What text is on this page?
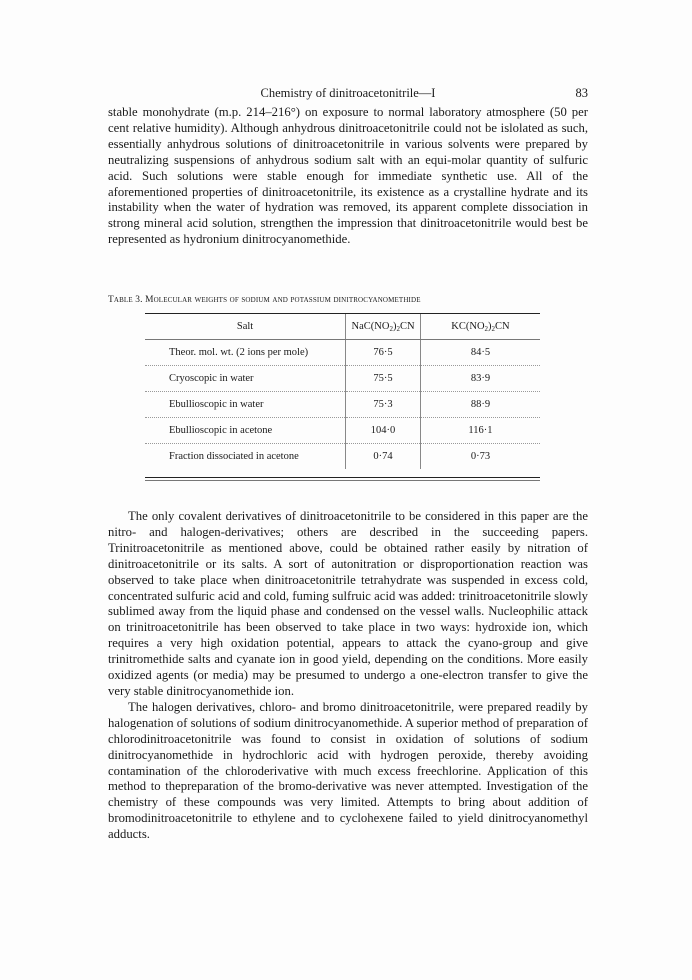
Chemistry of dinitroacetonitrile—I	83

stable monohydrate (m.p. 214–216°) on exposure to normal laboratory atmosphere (50 per cent relative humidity). Although anhydrous dinitroacetonitrile could not be islolated as such, essentially anhydrous solutions of dinitroacetonitrile in various solvents were prepared by neutralizing suspensions of anhydrous sodium salt with an equi-molar quantity of sulfuric acid. Such solutions were stable enough for immediate synthetic use. All of the aforementioned properties of dinitroacetonitrile, its existence as a crystalline hydrate and its instability when the water of hydration was removed, its apparent complete dissociation in strong mineral acid solution, strengthen the impression that dinitroacetonitrile would best be represented as hydronium dinitrocyanomethide.

Table 3. Molecular weights of sodium and potassium dinitrocyanomethide
Salt	$NaC(NO_2)_2CN$	$KC(NO_2)_2CN$
Theor. mol. wt. (2 ions per mole)	76·5	84·5
Cryoscopic in water	75·5	83·9
Ebullioscopic in water	75·3	88·9
Ebullioscopic in acetone	104·0	116·1
Fraction dissociated in acetone	0·74	0·73

The only covalent derivatives of dinitroacetonitrile to be considered in this paper are the nitro- and halogen-derivatives; others are described in the succeeding papers. Trinitroacetonitrile as mentioned above, could be obtained rather easily by nitration of dinitroacetonitrile or its salts. A sort of autonitration or disproportionation reaction was observed to take place when dinitroacetonitrile tetrahydrate was suspended in excess cold, concentrated sulfuric acid and cold, fuming sulfruic acid was added: trinitroacetonitrile slowly sublimed away from the liquid phase and condensed on the vessel walls. Nucleophilic attack on trinitroacetonitrile has been observed to take place in two ways: hydroxide ion, which requires a very high oxidation potential, appears to attack the cyano-group and give trinitromethide salts and cyanate ion in good yield, depending on the conditions. More easily oxidized agents (or media) may be presumed to undergo a one-electron transfer to give the very stable dinitrocyanomethide ion.

The halogen derivatives, chloro- and bromo dinitroacetonitrile, were prepared readily by halogenation of solutions of sodium dinitrocyanomethide. A superior method of preparation of chlorodinitroacetonitrile was found to consist in oxidation of solutions of sodium dinitrocyanomethide in hydrochloric acid with hydrogen peroxide, thereby avoiding contamination of the chloroderivative with much excess freechlorine. Application of this method to thepreparation of the bromo-derivative was never attempted. Investigation of the chemistry of these compounds was very limited. Attempts to bring about addition of bromodinitroacetonitrile to ethylene and to cyclohexene failed to yield dinitrocyanomethyl adducts.
